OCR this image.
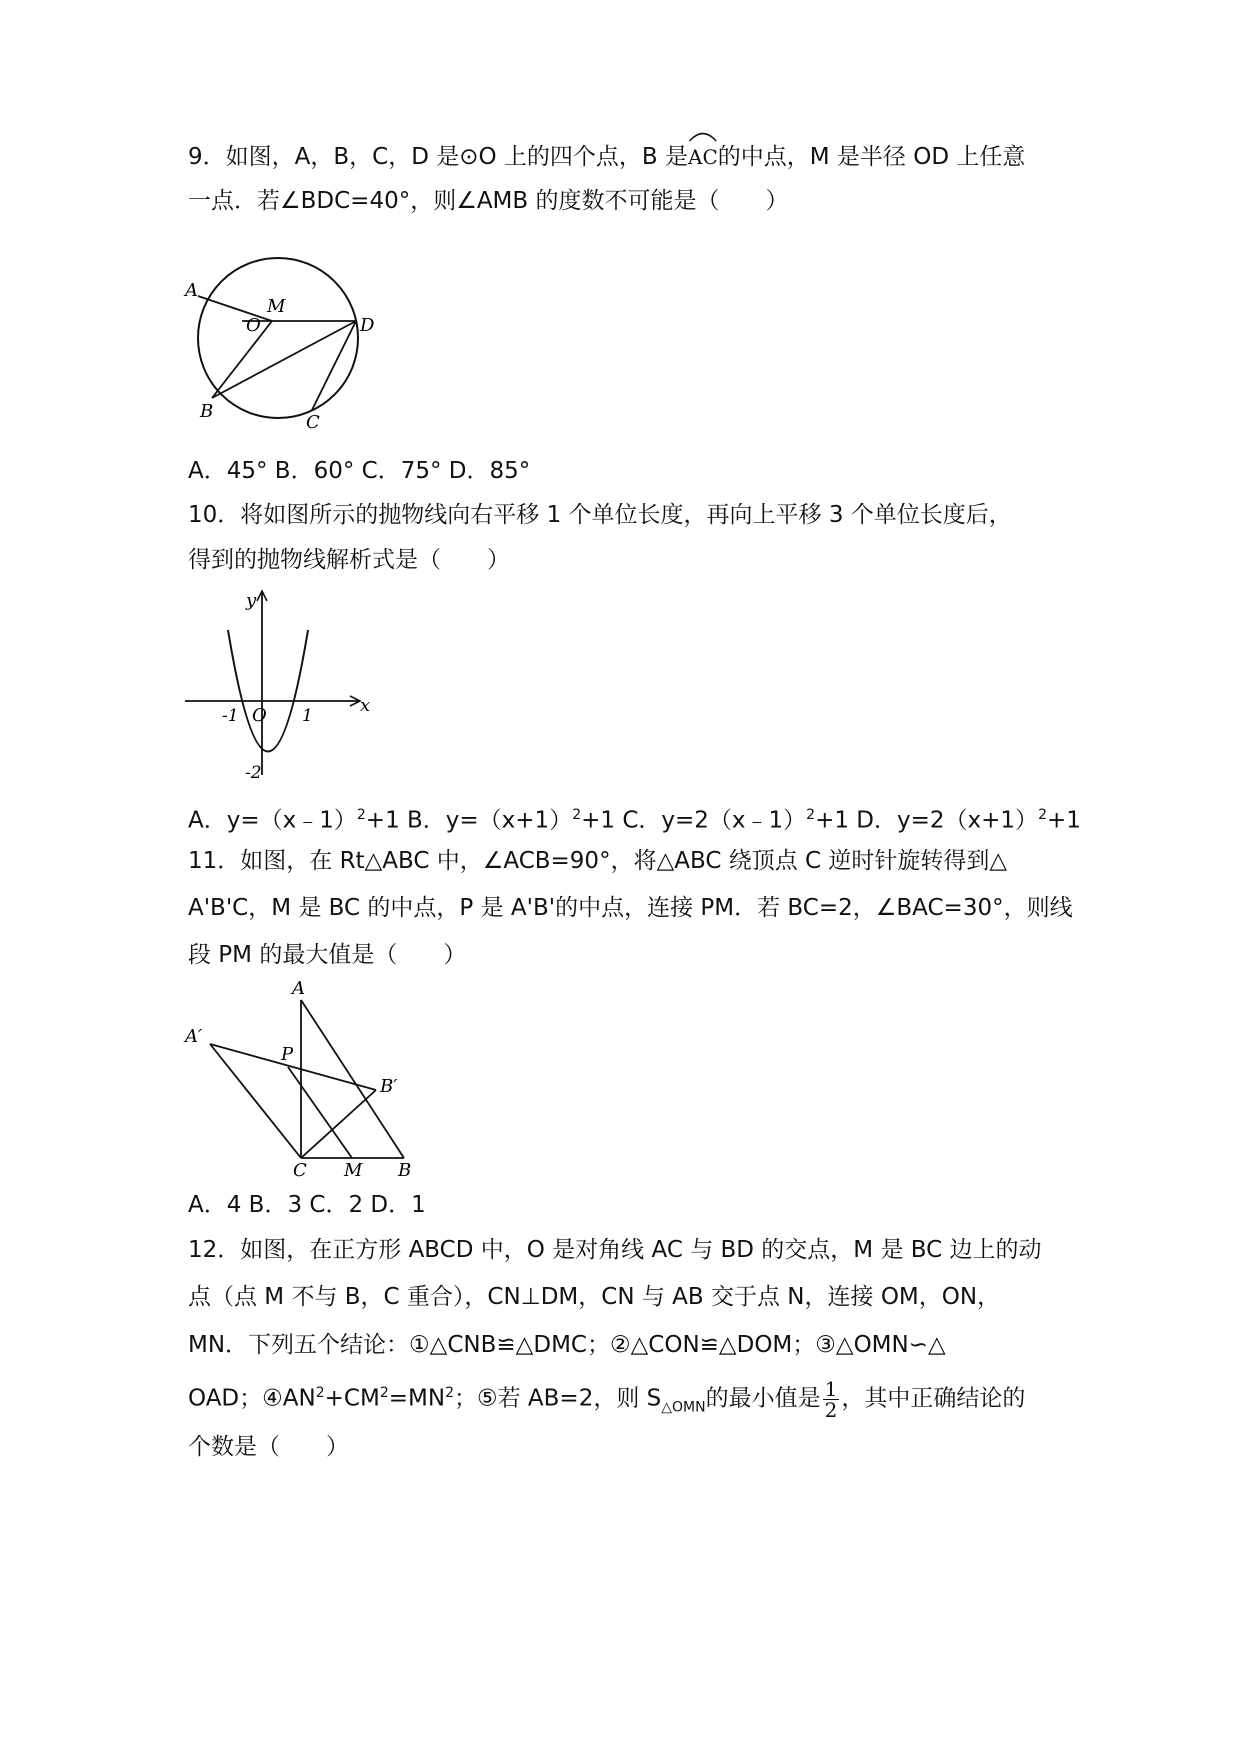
9．如图，A，B，C，D 是⊙O 上的四个点，B 是
AC的中点，M 是半径 OD 上任意
一点．若∠BDC=40°，则∠AMB 的度数不可能是（　　）
A
M
O	D
B
C
A．45° B．60° C．75° D．85°
10．将如图所示的抛物线向右平移 1 个单位长度，再向上平移 3 个单位长度后，
得到的抛物线解析式是（　　）
y
x
O
-1	1
-2
A．y=（x﹣1）$^2$+1 B．$y=(x+1)^2+1$ C．y=2（x﹣1）$^2$+1 D．$y=2(x+1)^2+1$
11．如图，在 Rt△ABC 中，∠ACB=90°，将△ABC 绕顶点 C 逆时针旋转得到△
A'B'C，M 是 BC 的中点，P 是 A'B'的中点，连接 PM．若 BC=2，∠BAC=30°，则线
段 PM 的最大值是（　　）
A
A′
P
B′
C M B
A．4 B．3 C．2 D．1
12．如图，在正方形 ABCD 中，O 是对角线 AC 与 BD 的交点，M 是 BC 边上的动
点（点 M 不与 B，C 重合），CN⊥DM，CN 与 AB 交于点 N，连接 OM，ON，
MN．下列五个结论：①△CNB≌△DMC；②△CON≌△DOM；③△OMN∽△
OAD；$④AN^2+CM^2=MN^2$；⑤若 AB=2，则 $S_{\triangle OMN}$的最小值是 $\frac{1}{2}$ ，其中正确结论的
个数是（　　）
